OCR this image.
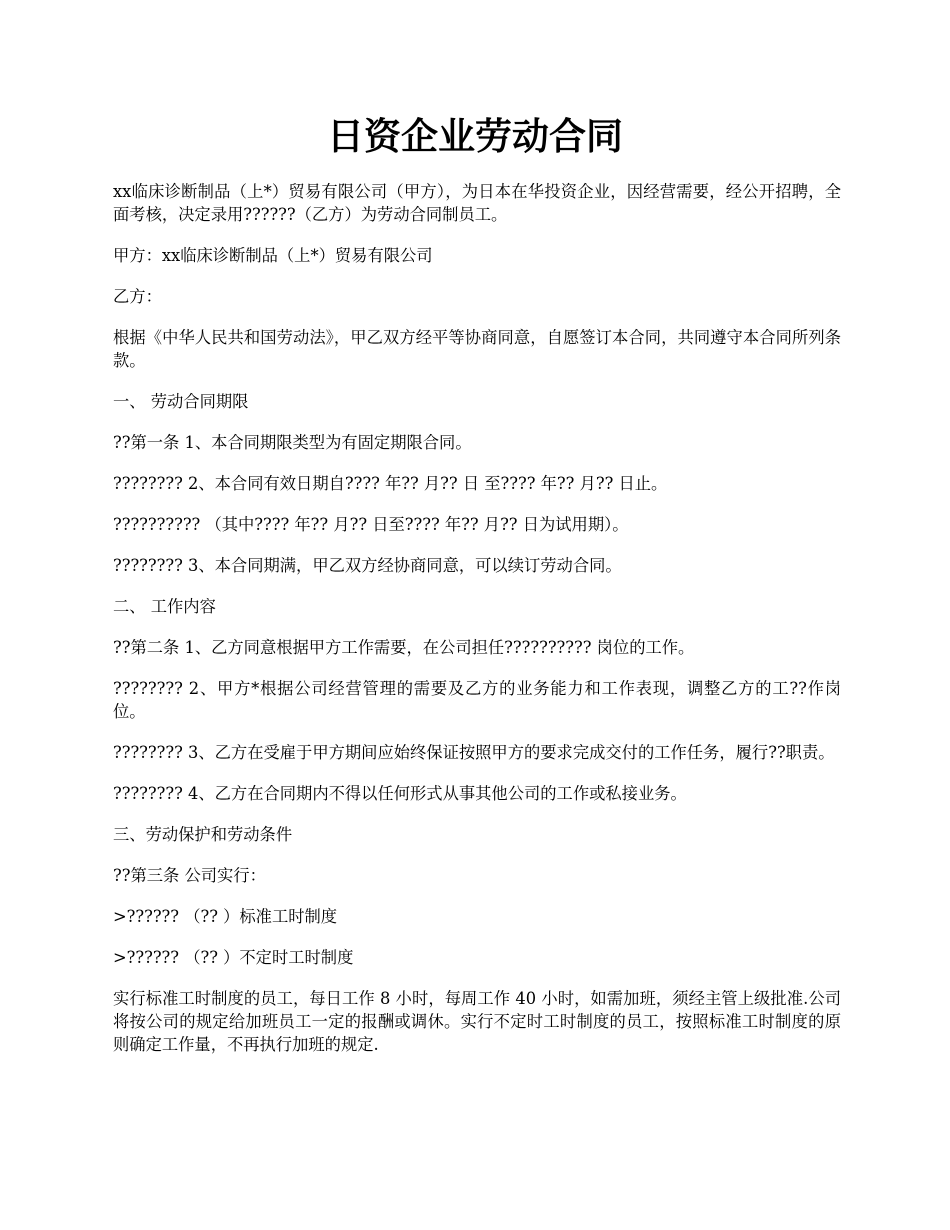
日资企业劳动合同

xx临床诊断制品（上*）贸易有限公司（甲方），为日本在华投资企业，因经营需要，经公开招聘，全面考核，决定录用??????（乙方）为劳动合同制员工。

甲方：xx临床诊断制品（上*）贸易有限公司

乙方：

根据《中华人民共和国劳动法》，甲乙双方经平等协商同意，自愿签订本合同，共同遵守本合同所列条款。

一、 劳动合同期限

??第一条 1、本合同期限类型为有固定期限合同。

???????? 2、本合同有效日期自???? 年?? 月?? 日 至???? 年?? 月?? 日止。

?????????? （其中???? 年?? 月?? 日至???? 年?? 月?? 日为试用期）。

???????? 3、本合同期满，甲乙双方经协商同意，可以续订劳动合同。

二、 工作内容

??第二条 1、乙方同意根据甲方工作需要，在公司担任?????????? 岗位的工作。

???????? 2、甲方*根据公司经营管理的需要及乙方的业务能力和工作表现，调整乙方的工??作岗位。

???????? 3、乙方在受雇于甲方期间应始终保证按照甲方的要求完成交付的工作任务，履行??职责。

???????? 4、乙方在合同期内不得以任何形式从事其他公司的工作或私接业务。

三、劳动保护和劳动条件

??第三条 公司实行：

>?????? （?? ）标准工时制度

>?????? （?? ）不定时工时制度

实行标准工时制度的员工，每日工作 8 小时，每周工作 40 小时，如需加班，须经主管上级批准.公司将按公司的规定给加班员工一定的报酬或调休。实行不定时工时制度的员工，按照标准工时制度的原则确定工作量，不再执行加班的规定.
